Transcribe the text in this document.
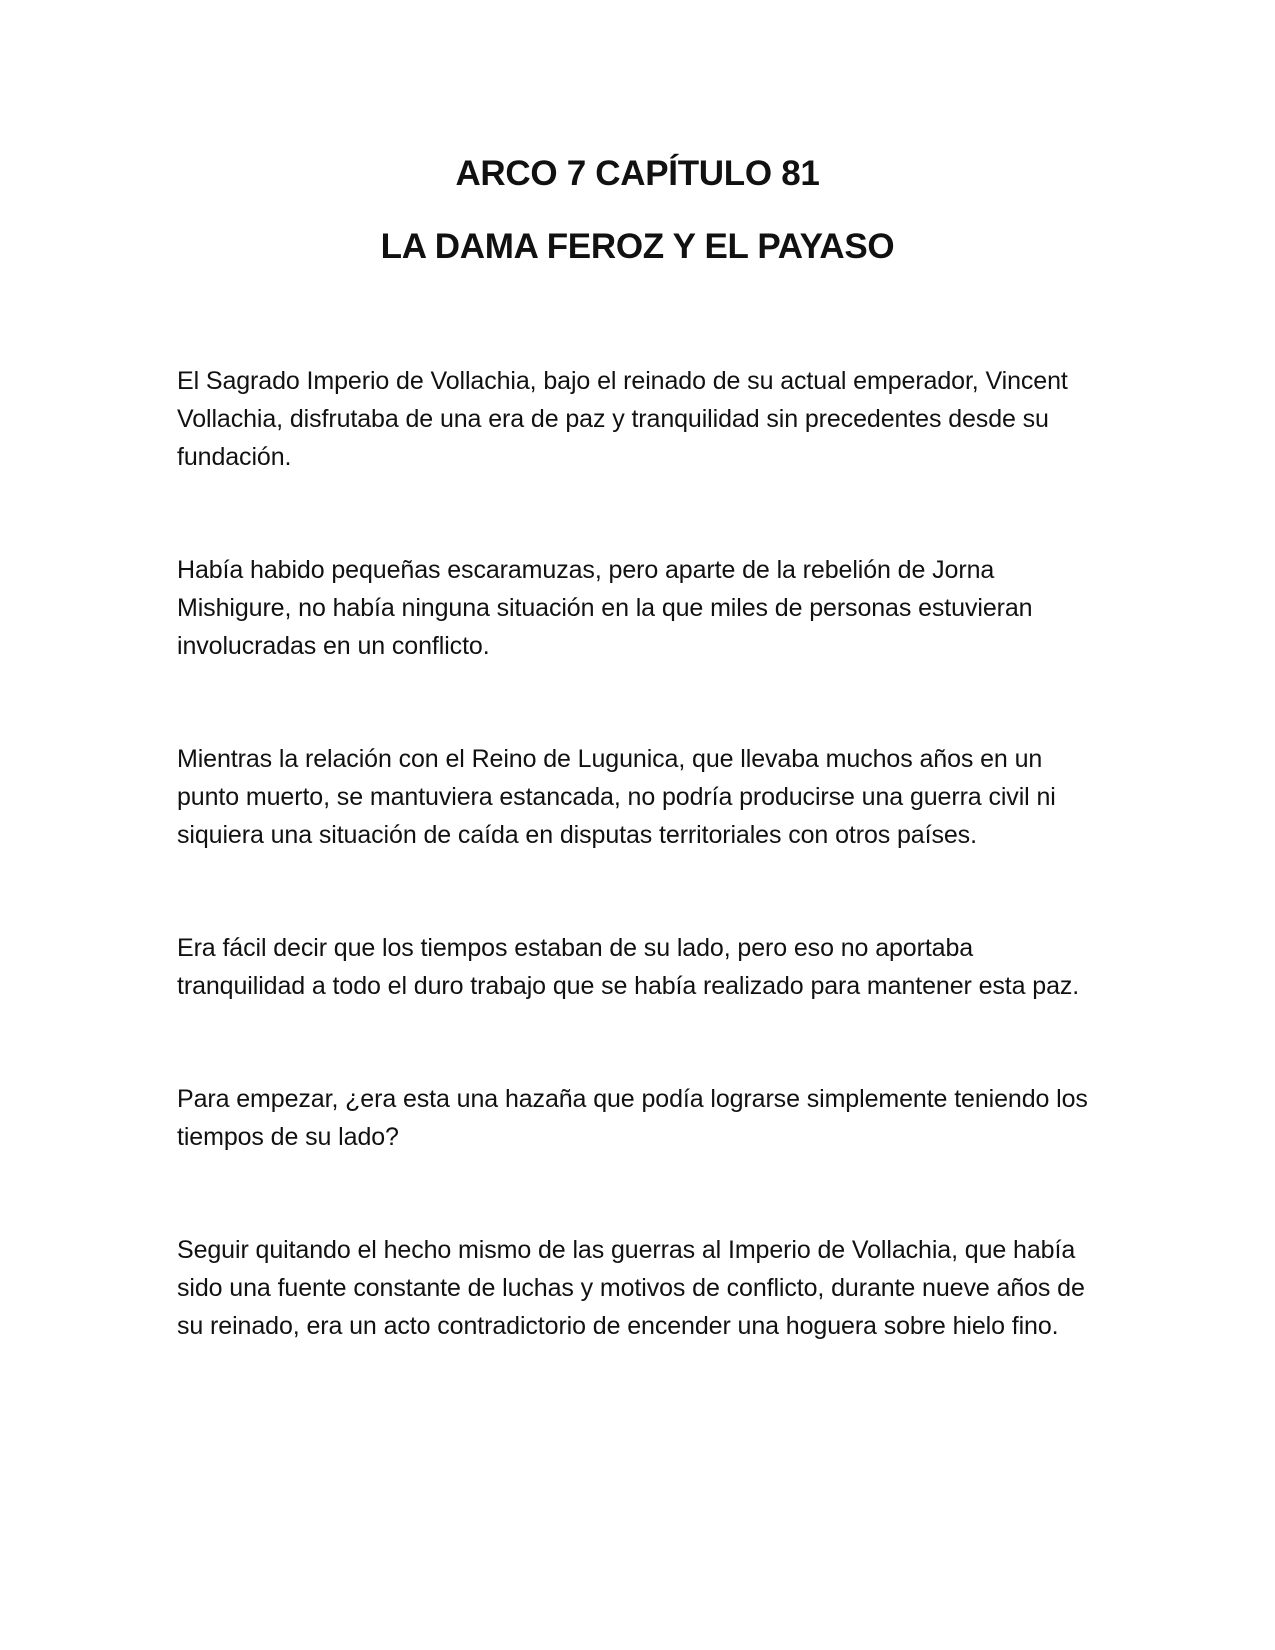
ARCO 7 CAPÍTULO 81
LA DAMA FEROZ Y EL PAYASO

El Sagrado Imperio de Vollachia, bajo el reinado de su actual emperador, Vincent Vollachia, disfrutaba de una era de paz y tranquilidad sin precedentes desde su fundación.

Había habido pequeñas escaramuzas, pero aparte de la rebelión de Jorna Mishigure, no había ninguna situación en la que miles de personas estuvieran involucradas en un conflicto.

Mientras la relación con el Reino de Lugunica, que llevaba muchos años en un punto muerto, se mantuviera estancada, no podría producirse una guerra civil ni siquiera una situación de caída en disputas territoriales con otros países.

Era fácil decir que los tiempos estaban de su lado, pero eso no aportaba tranquilidad a todo el duro trabajo que se había realizado para mantener esta paz.

Para empezar, ¿era esta una hazaña que podía lograrse simplemente teniendo los tiempos de su lado?

Seguir quitando el hecho mismo de las guerras al Imperio de Vollachia, que había sido una fuente constante de luchas y motivos de conflicto, durante nueve años de su reinado, era un acto contradictorio de encender una hoguera sobre hielo fino.
